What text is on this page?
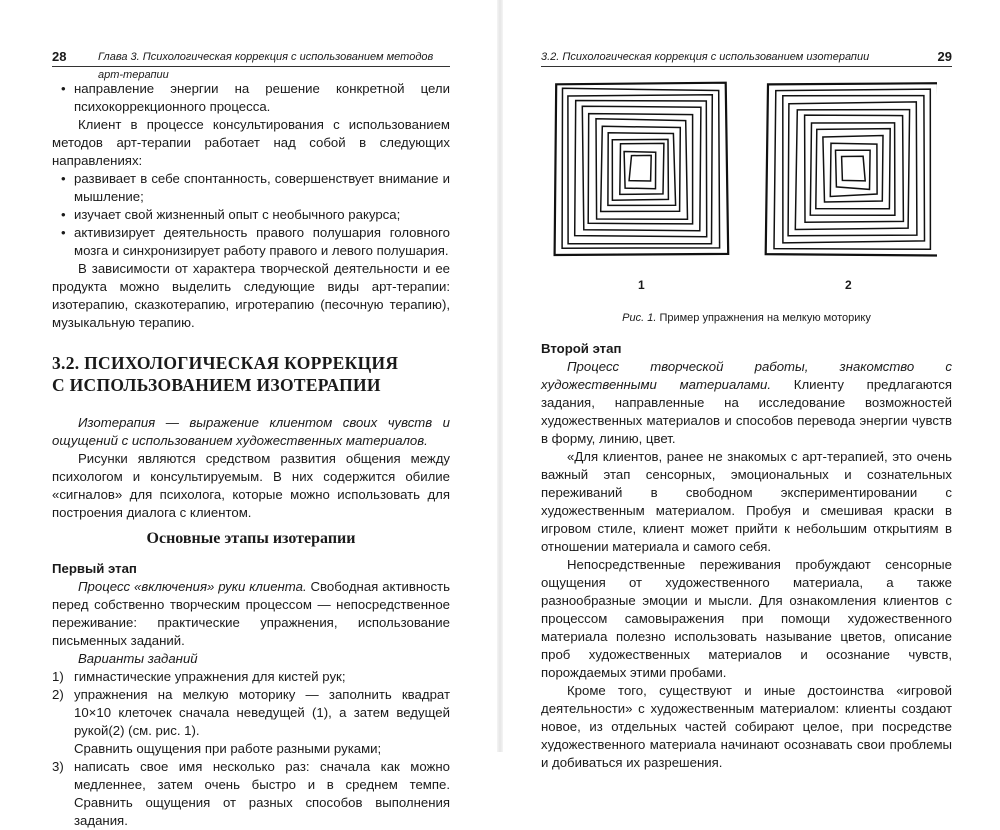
28	Глава 3. Психологическая коррекция с использованием методов арт-терапии

• направление энергии на решение конкретной цели психокоррекционного процесса.

Клиент в процессе консультирования с использованием методов арт-терапии работает над собой в следующих направлениях:

• развивает в себе спонтанность, совершенствует внимание и мышление;

• изучает свой жизненный опыт с необычного ракурса;

• активизирует деятельность правого полушария головного мозга и синхронизирует работу правого и левого полушария.

В зависимости от характера творческой деятельности и ее продукта можно выделить следующие виды арт-терапии: изотерапию, сказкотерапию, игротерапию (песочную терапию), музыкальную терапию.

3.2. ПСИХОЛОГИЧЕСКАЯ КОРРЕКЦИЯ
С ИСПОЛЬЗОВАНИЕМ ИЗОТЕРАПИИ

Изотерапия — выражение клиентом своих чувств и ощущений с использованием художественных материалов.

Рисунки являются средством развития общения между психологом и консультируемым. В них содержится обилие «сигналов» для психолога, которые можно использовать для построения диалога с клиентом.

Основные этапы изотерапии
Первый этап

Процесс «включения» руки клиента. Свободная активность перед собственно творческим процессом — непосредственное переживание: практические упражнения, использование письменных заданий.

Варианты заданий

1) гимнастические упражнения для кистей рук;

2) упражнения на мелкую моторику — заполнить квадрат 10×10 клеточек сначала неведущей (1), а затем ведущей рукой(2) (см. рис. 1).

Сравнить ощущения при работе разными руками;

3) написать свое имя несколько раз: сначала как можно медленнее, затем очень быстро и в среднем темпе. Сравнить ощущения от разных способов выполнения задания.

3.2. Психологическая коррекция с использованием изотерапии	29
1	2
Рис. 1. Пример упражнения на мелкую моторику
Второй этап

Процесс творческой работы, знакомство с художественными материалами. Клиенту предлагаются задания, направленные на исследование возможностей художественных материалов и способов перевода энергии чувств в форму, линию, цвет.

«Для клиентов, ранее не знакомых с арт-терапией, это очень важный этап сенсорных, эмоциональных и сознательных переживаний в свободном экспериментировании с художественным материалом. Пробуя и смешивая краски в игровом стиле, клиент может прийти к небольшим открытиям в отношении материала и самого себя.

Непосредственные переживания пробуждают сенсорные ощущения от художественного материала, а также разнообразные эмоции и мысли. Для ознакомления клиентов с процессом самовыражения при помощи художественного материала полезно использовать называние цветов, описание проб художественных материалов и осознание чувств, порождаемых этими пробами.

Кроме того, существуют и иные достоинства «игровой деятельности» с художественным материалом: клиенты создают новое, из отдельных частей собирают целое, при посредстве художественного материала начинают осознавать свои проблемы и добиваться их разрешения.
